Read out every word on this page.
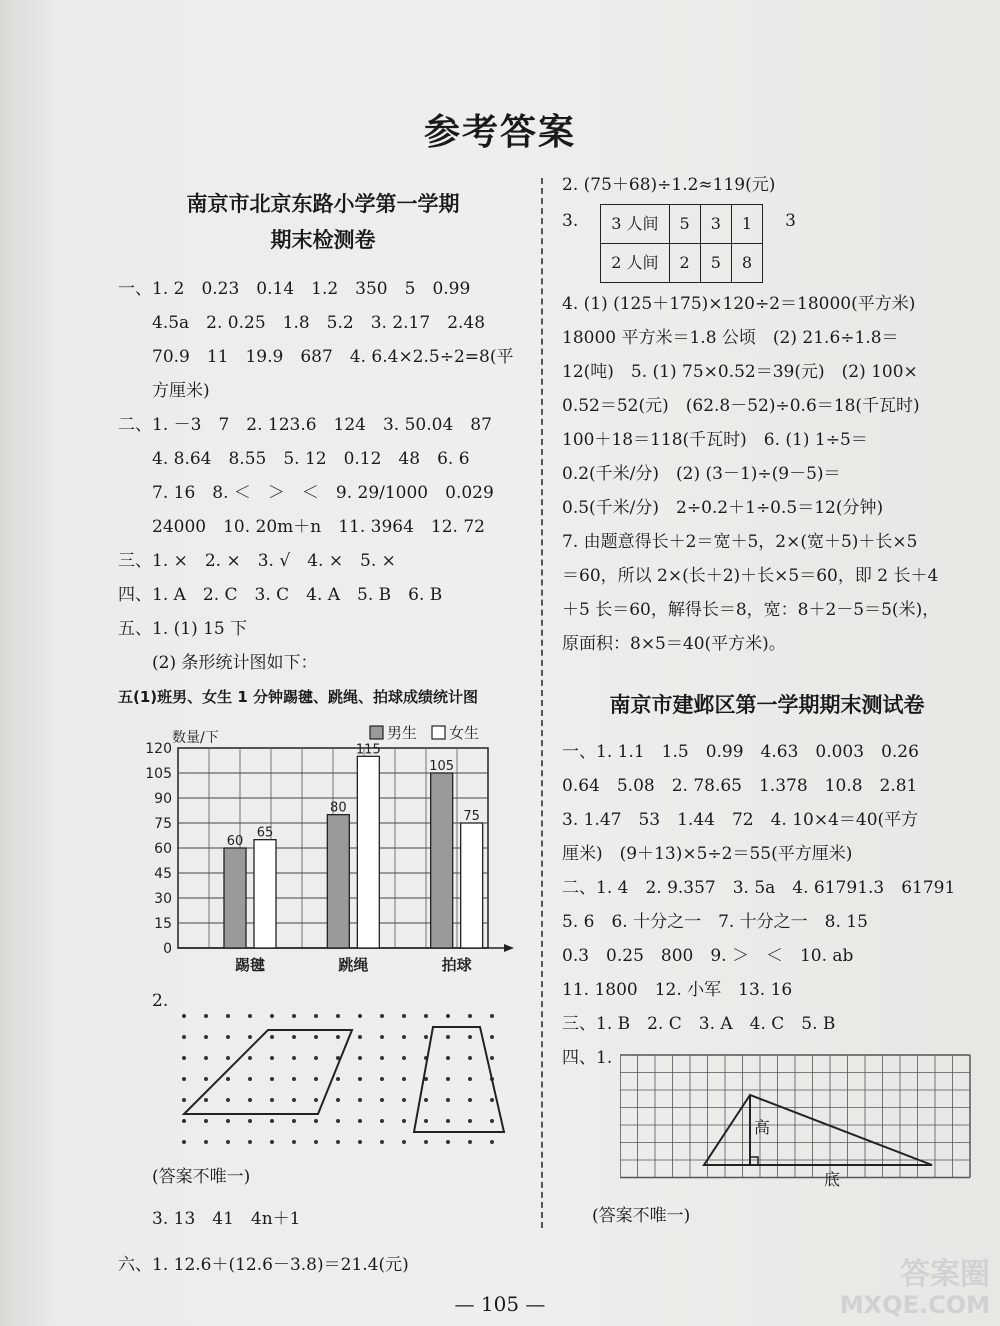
参考答案
南京市北京东路小学第一学期
期末检测卷
一、1. 2　0.23　0.14　1.2　350　5　0.99
4.5a　2. 0.25　1.8　5.2　3. 2.17　2.48
70.9　11　19.9　687　4. 6.4×2.5÷2=8(平
方厘米)
二、1. －3　7　2. 123.6　124　3. 50.04　87
4. 8.64　8.55　5. 12　0.12　48　6. 6
7. 16　8. ＜　＞　＜　9. 29/1000　0.029
24000　10. 20m＋n　11. 3964　12. 72
三、1. ×　2. ×　3. √　4. ×　5. ×
四、1. A　2. C　3. C　4. A　5. B　6. B
五、1. (1) 15 下
(2) 条形统计图如下：
五(1)班男、女生 1 分钟踢毽、跳绳、拍球成绩统计图
0
15
30
45
60
75
90
105
120
数量/下	男生 女生
60
65
踢毽
80
115
跳绳
105
75
拍球
2.
(答案不唯一)
3. 13　41　4n＋1
六、1. 12.6＋(12.6－3.8)＝21.4(元)
2. (75＋68)÷1.2≈119(元)
3. 3 人间	5	3	1
2 人间	2	5	8
3
4. (1) (125＋175)×120÷2＝18000(平方米)
18000 平方米＝1.8 公顷　(2) 21.6÷1.8＝
12(吨)　5. (1) 75×0.52＝39(元)　(2) 100×
0.52＝52(元)　(62.8－52)÷0.6＝18(千瓦时)
100＋18＝118(千瓦时)　6. (1) 1÷5＝
0.2(千米/分)　(2) (3－1)÷(9－5)＝
0.5(千米/分)　2÷0.2＋1÷0.5＝12(分钟)
7. 由题意得长＋2＝宽＋5，2×(宽＋5)＋长×5
＝60，所以 2×(长＋2)＋长×5＝60，即 2 长＋4
＋5 长＝60，解得长＝8，宽：8＋2－5＝5(米)，
原面积：8×5＝40(平方米)。
南京市建邺区第一学期期末测试卷
一、1. 1.1　1.5　0.99　4.63　0.003　0.26
0.64　5.08　2. 78.65　1.378　10.8　2.81
3. 1.47　53　1.44　72　4. 10×4＝40(平方
厘米)　(9＋13)×5÷2＝55(平方厘米)
二、1. 4　2. 9.357　3. 5a　4. 61791.3　61791
5. 6　6. 十分之一　7. 十分之一　8. 15
0.3　0.25　800　9. ＞　＜　10. ab
11. 1800　12. 小军　13. 16
三、1. B　2. C　3. A　4. C　5. B
四、1.
高
底
(答案不唯一)
— 105 —
答案圈
MXQE.COM
